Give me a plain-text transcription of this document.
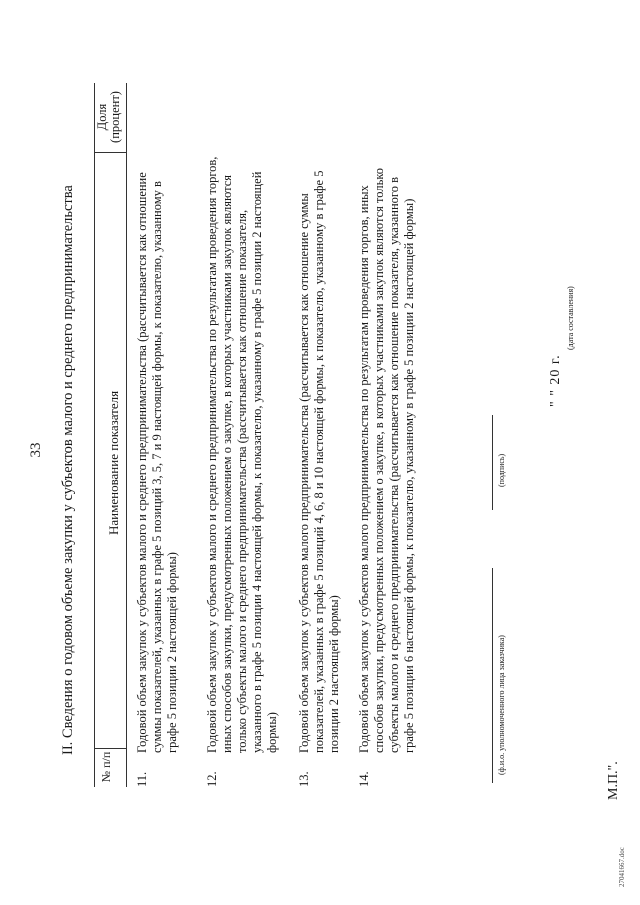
33 II. Сведения о годовом объеме закупки у субъектов малого и среднего предпринимательства
№ п/п
Наименование показателя
Доля (процент)
11.
Годовой объем закупок у субъектов малого и среднего предпринимательства (рассчитывается как отношение суммы показателей, указанных в графе 5 позиций 3, 5, 7 и 9 настоящей формы, к показателю, указанному в графе 5 позиции 2 настоящей формы)
12.
Годовой объем закупок у субъектов малого и среднего предпринимательства по результатам проведения торгов, иных способов закупки, предусмотренных положением о закупке, в которых участниками закупок являются только субъекты малого и среднего предпринимательства (рассчитывается как отношение показателя, указанного в графе 5 позиции 4 настоящей формы, к показателю, указанному в графе 5 позиции 2 настоящей формы)
13.
Годовой объем закупок у субъектов малого предпринимательства (рассчитывается как отношение суммы показателей, указанных в графе 5 позиций 4, 6, 8 и 10 настоящей формы, к показателю, указанному в графе 5 позиции 2 настоящей формы)
14.
Годовой объем закупок у субъектов малого предпринимательства по результатам проведения торгов, иных способов закупки, предусмотренных положением о закупке, в которых участниками закупок являются только субъекты малого и среднего предпринимательства (рассчитывается как отношение показателя, указанного в графе 5 позиции 6 настоящей формы, к показателю, указанному в графе 5 позиции 2 настоящей формы)	(ф.и.о. уполномоченного лица заказчика)
(подпись)
" " 20 г.
(дата составления)
М.П.".
27041667.doc
